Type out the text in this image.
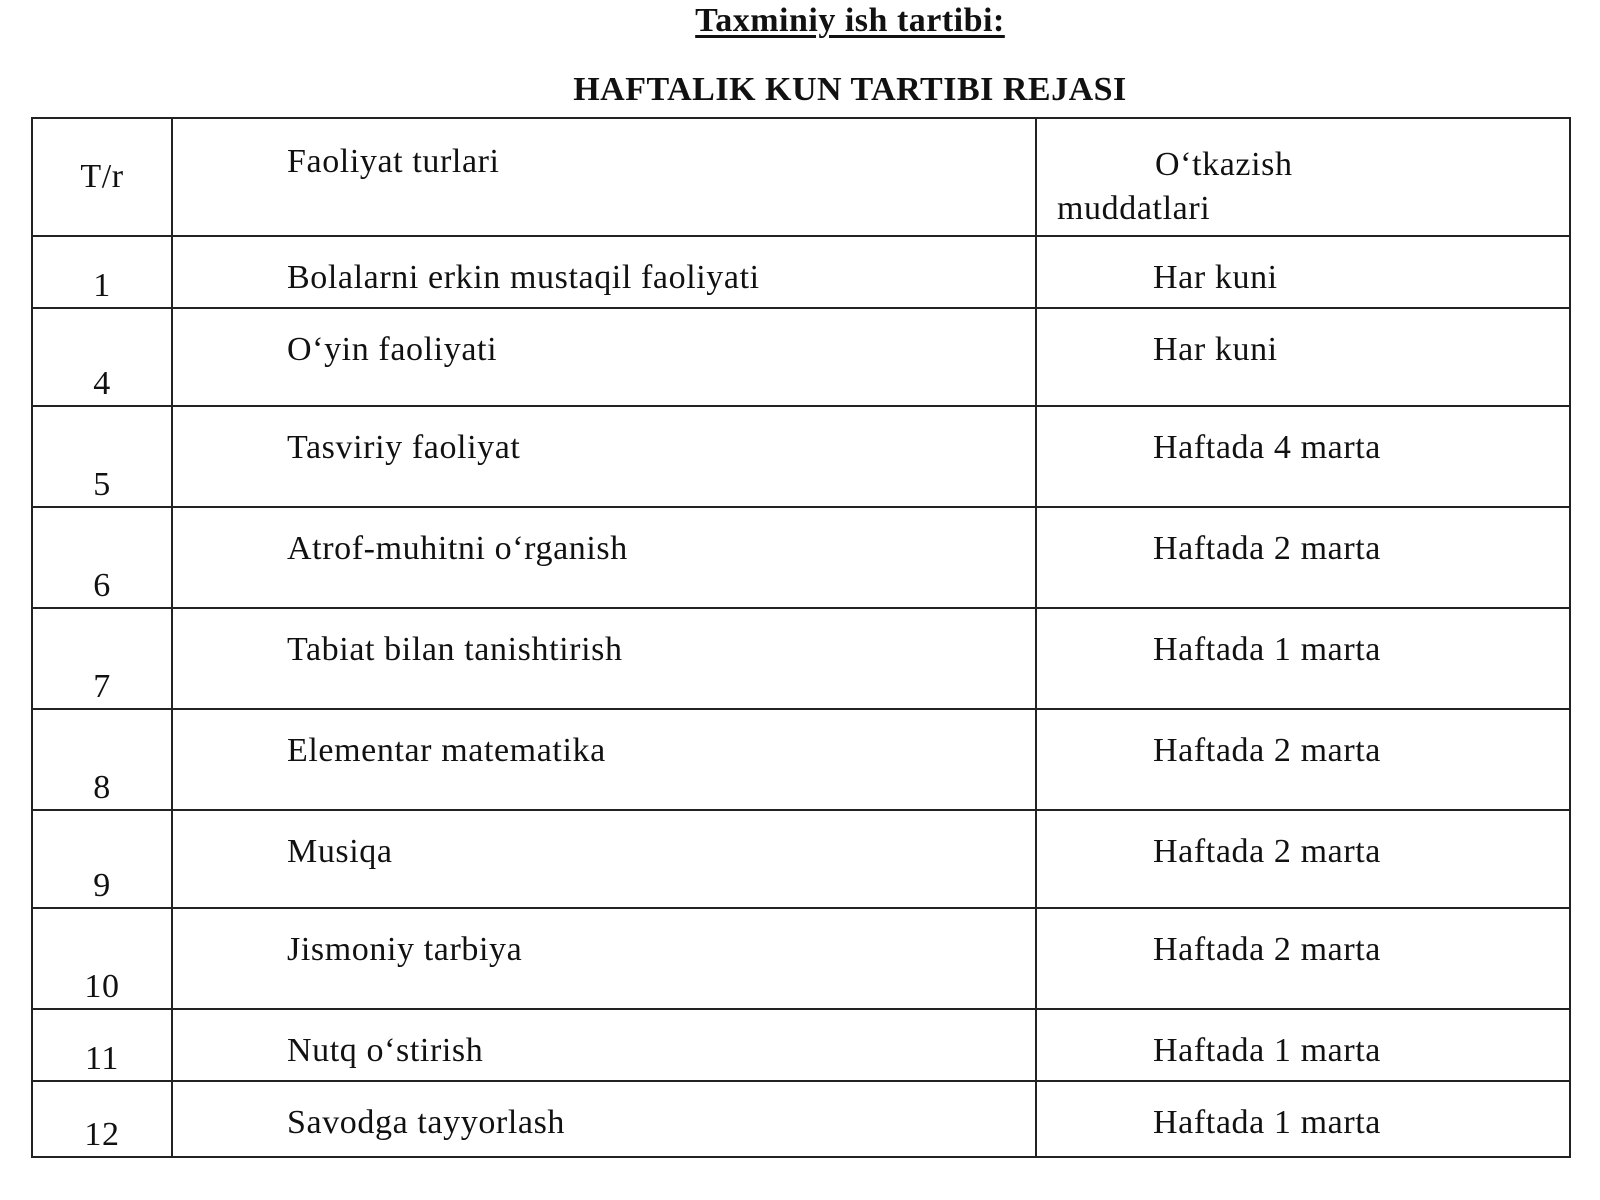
Taxminiy ish tartibi:
HAFTALIK KUN TARTIBI REJASI
T/r	Faoliyat turlari	O‘tkazish
muddatlari

1	Bolalarni erkin mustaqil faoliyati	Har kuni

4	O‘yin faoliyati	Har kuni

5	Tasviriy faoliyat	Haftada 4 marta

6	Atrof-muhitni o‘rganish	Haftada 2 marta

7	Tabiat bilan tanishtirish	Haftada 1 marta

8	Elementar matematika	Haftada 2 marta

9	Musiqa	Haftada 2 marta

10	Jismoniy tarbiya	Haftada 2 marta

11	Nutq o‘stirish	Haftada 1 marta

12	Savodga tayyorlash	Haftada 1 marta
